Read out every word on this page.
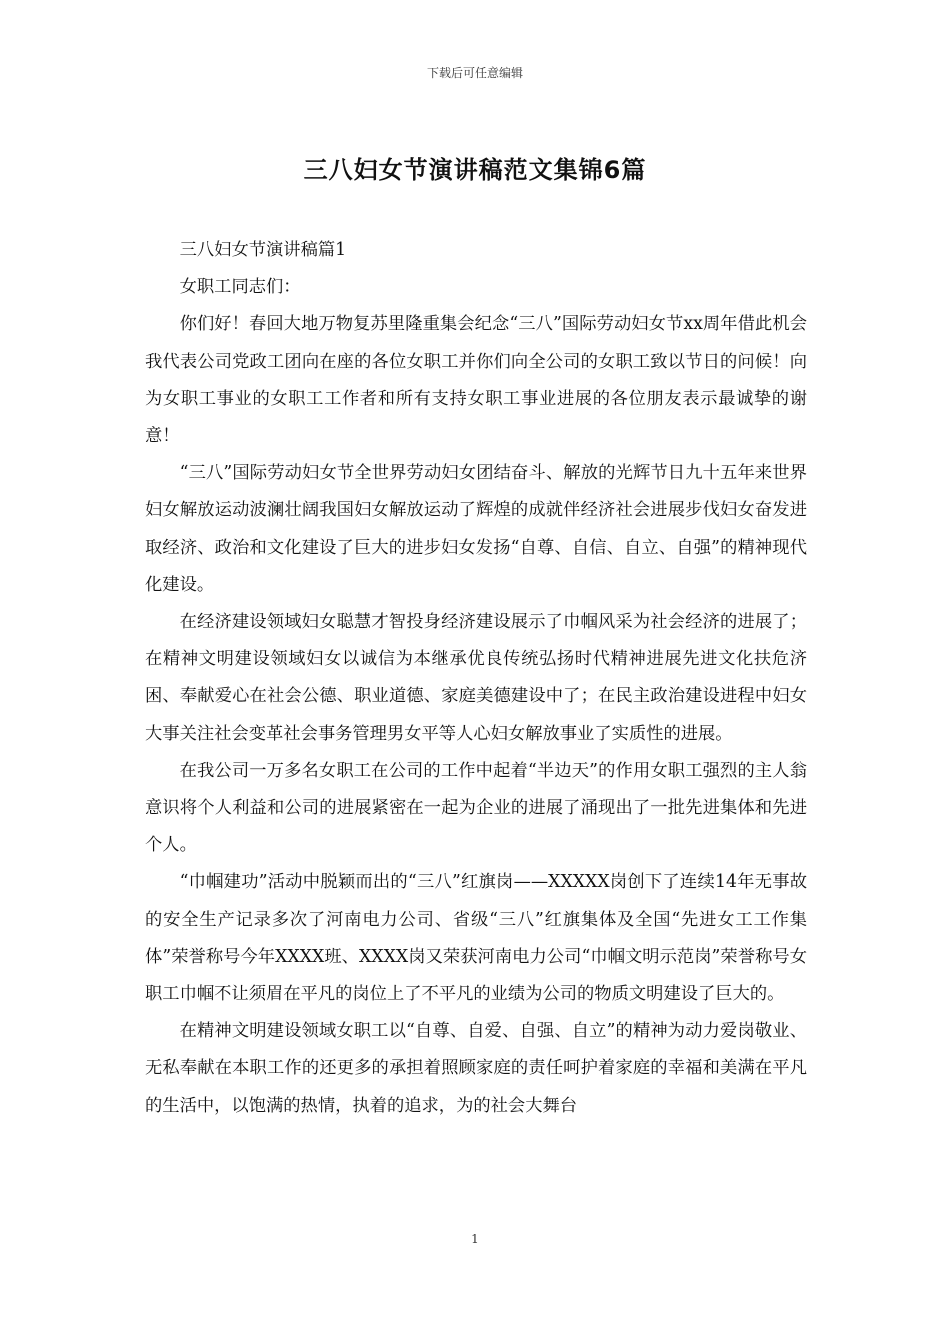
下载后可任意编辑
三八妇女节演讲稿范文集锦6篇

三八妇女节演讲稿篇1

女职工同志们：

你们好！春回大地万物复苏里隆重集会纪念“三八”国际劳动妇女节xx周年借此机会我代表公司党政工团向在座的各位女职工并你们向全公司的女职工致以节日的问候！向为女职工事业的女职工工作者和所有支持女职工事业进展的各位朋友表示最诚挚的谢意！

“三八”国际劳动妇女节全世界劳动妇女团结奋斗、解放的光辉节日九十五年来世界妇女解放运动波澜壮阔我国妇女解放运动了辉煌的成就伴经济社会进展步伐妇女奋发进取经济、政治和文化建设了巨大的进步妇女发扬“自尊、自信、自立、自强”的精神现代化建设。

在经济建设领域妇女聪慧才智投身经济建设展示了巾帼风采为社会经济的进展了；在精神文明建设领域妇女以诚信为本继承优良传统弘扬时代精神进展先进文化扶危济困、奉献爱心在社会公德、职业道德、家庭美德建设中了；在民主政治建设进程中妇女大事关注社会变革社会事务管理男女平等人心妇女解放事业了实质性的进展。

在我公司一万多名女职工在公司的工作中起着“半边天”的作用女职工强烈的主人翁意识将个人利益和公司的进展紧密在一起为企业的进展了涌现出了一批先进集体和先进个人。

“巾帼建功”活动中脱颖而出的“三八”红旗岗——XXXXX岗创下了连续14年无事故的安全生产记录多次了河南电力公司、省级“三八”红旗集体及全国“先进女工工作集体”荣誉称号今年XXXX班、XXXX岗又荣获河南电力公司“巾帼文明示范岗”荣誉称号女职工巾帼不让须眉在平凡的岗位上了不平凡的业绩为公司的物质文明建设了巨大的。

在精神文明建设领域女职工以“自尊、自爱、自强、自立”的精神为动力爱岗敬业、无私奉献在本职工作的还更多的承担着照顾家庭的责任呵护着家庭的幸福和美满在平凡的生活中，以饱满的热情，执着的追求，为的社会大舞台

1
